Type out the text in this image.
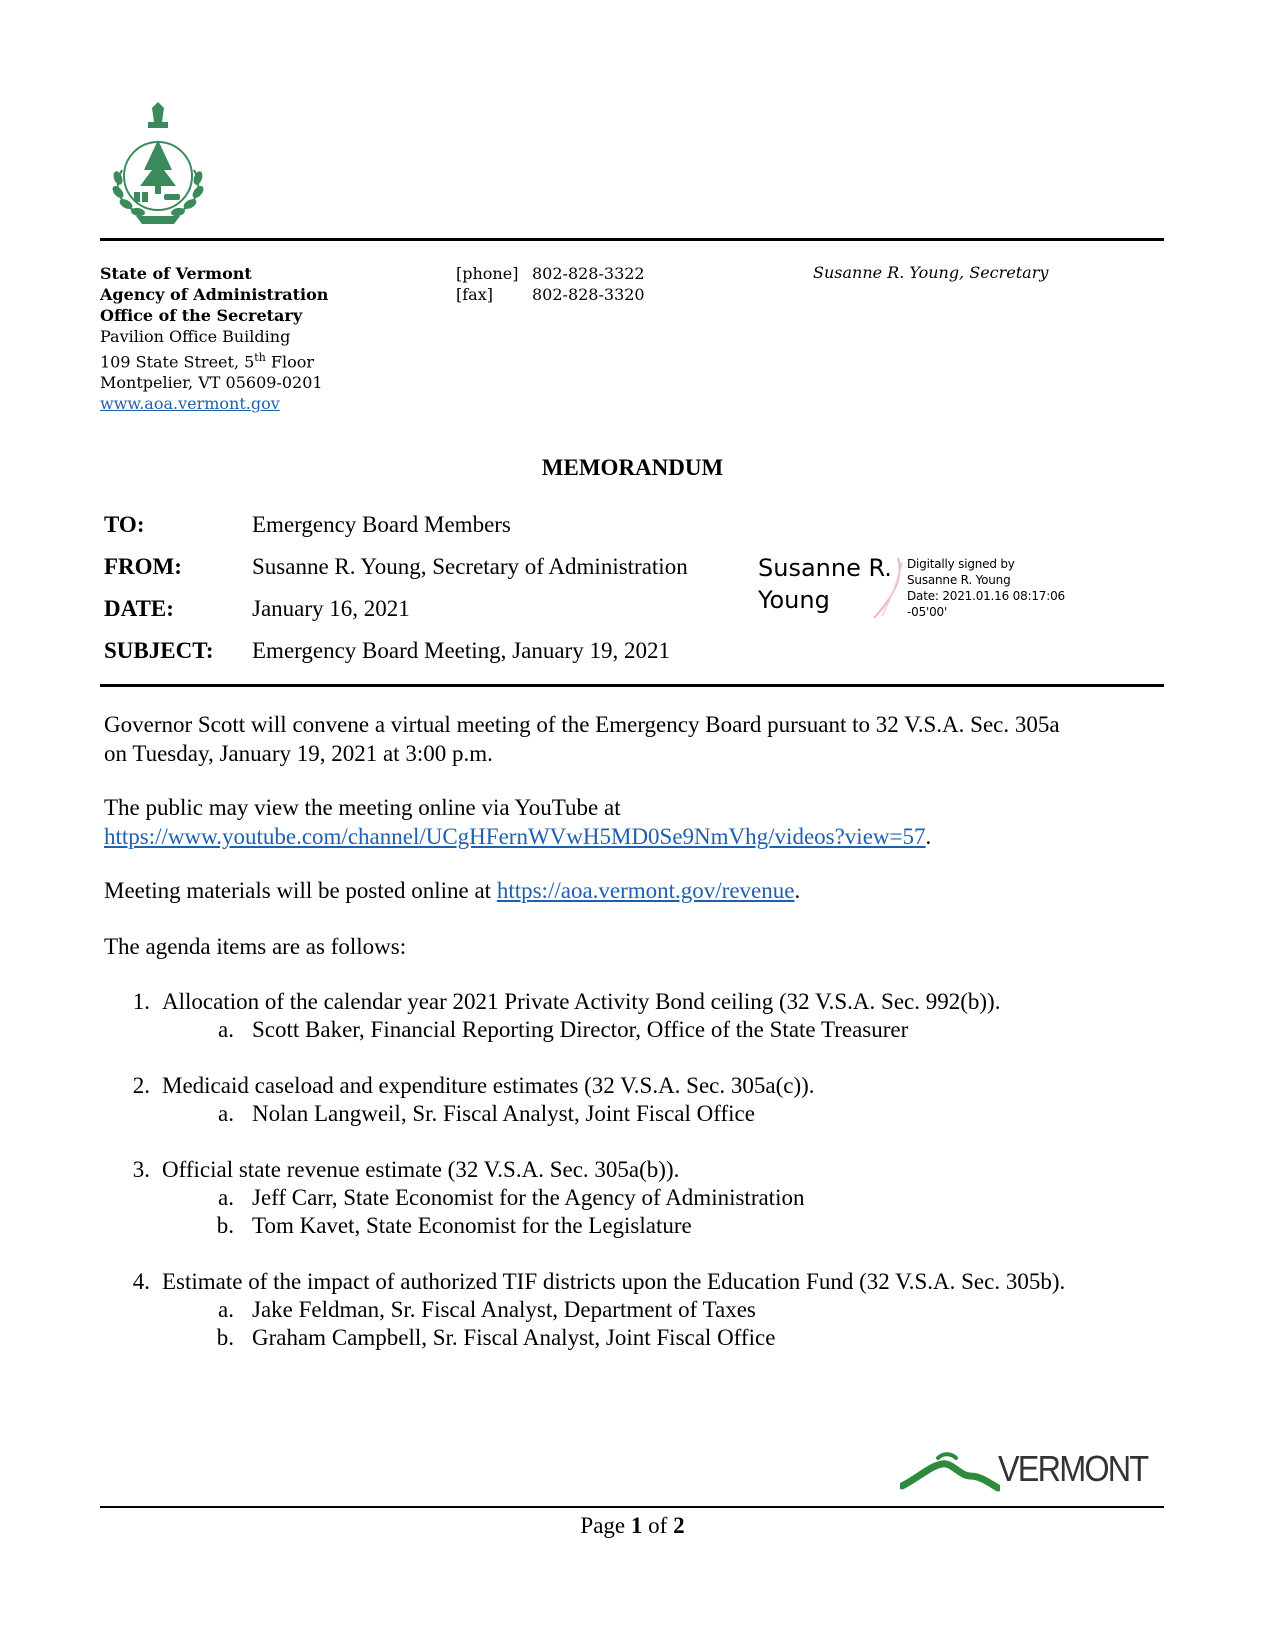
State of Vermont
Agency of Administration
Office of the Secretary
Pavilion Office Building
109 State Street, 5th Floor
Montpelier, VT 05609-0201
www.aoa.vermont.gov
[phone] 802-828-3322
[fax] 802-828-3320
Susanne R. Young, Secretary
MEMORANDUM
TO:	Emergency Board Members
FROM:	Susanne R. Young, Secretary of Administration
DATE:	January 16, 2021
SUBJECT: Emergency Board Meeting, January 19, 2021
Susanne R.
Young
Digitally signed by
Susanne R. Young
Date: 2021.01.16 08:17:06
-05'00'
Governor Scott will convene a virtual meeting of the Emergency Board pursuant to 32 V.S.A. Sec. 305a
on Tuesday, January 19, 2021 at 3:00 p.m.
The public may view the meeting online via YouTube at
https://www.youtube.com/channel/UCgHFernWVwH5MD0Se9NmVhg/videos?view=57.
Meeting materials will be posted online at https://aoa.vermont.gov/revenue.
The agenda items are as follows:
1. Allocation of the calendar year 2021 Private Activity Bond ceiling (32 V.S.A. Sec. 992(b)).
a. Scott Baker, Financial Reporting Director, Office of the State Treasurer
2. Medicaid caseload and expenditure estimates (32 V.S.A. Sec. 305a(c)).
a. Nolan Langweil, Sr. Fiscal Analyst, Joint Fiscal Office
3. Official state revenue estimate (32 V.S.A. Sec. 305a(b)).
a. Jeff Carr, State Economist for the Agency of Administration
b. Tom Kavet, State Economist for the Legislature
4. Estimate of the impact of authorized TIF districts upon the Education Fund (32 V.S.A. Sec. 305b).
a. Jake Feldman, Sr. Fiscal Analyst, Department of Taxes
b. Graham Campbell, Sr. Fiscal Analyst, Joint Fiscal Office
VERMONT
Page 1 of 2
